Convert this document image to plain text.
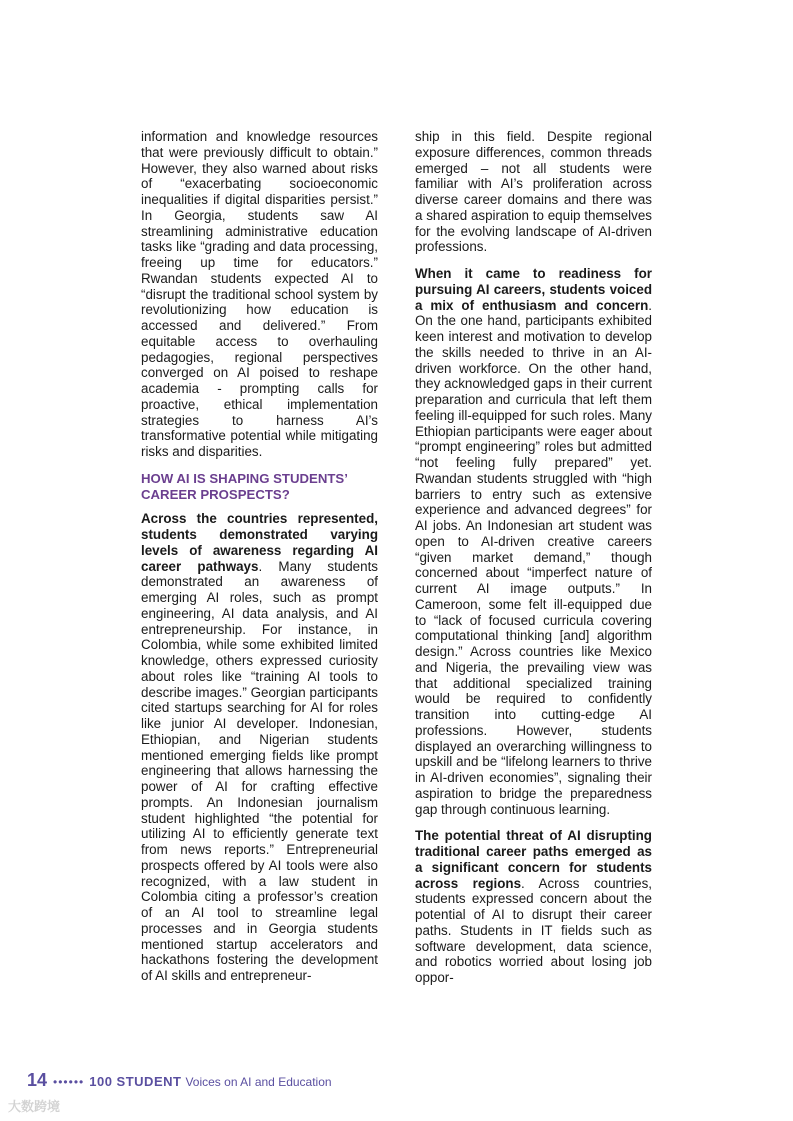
information and knowledge resources that were previously difficult to obtain.” However, they also warned about risks of “exacerbating socioeconomic inequalities if digital disparities persist.” In Georgia, students saw AI streamlining administrative education tasks like “grading and data processing, freeing up time for educators.” Rwandan students expected AI to “disrupt the traditional school system by revolutionizing how education is accessed and delivered.” From equitable access to overhauling pedagogies, regional perspectives converged on AI poised to reshape academia - prompting calls for proactive, ethical implementation strategies to harness AI’s transformative potential while mitigating risks and disparities.

HOW AI IS SHAPING STUDENTS’ CAREER PROSPECTS?

Across the countries represented, students demonstrated varying levels of awareness regarding AI career pathways. Many students demonstrated an awareness of emerging AI roles, such as prompt engineering, AI data analysis, and AI entrepreneurship. For instance, in Colombia, while some exhibited limited knowledge, others expressed curiosity about roles like “training AI tools to describe images.” Georgian participants cited startups searching for AI for roles like junior AI developer. Indonesian, Ethiopian, and Nigerian students mentioned emerging fields like prompt engineering that allows harnessing the power of AI for crafting effective prompts. An Indonesian journalism student highlighted “the potential for utilizing AI to efficiently generate text from news reports.” Entrepreneurial prospects offered by AI tools were also recognized, with a law student in Colombia citing a professor’s creation of an AI tool to streamline legal processes and in Georgia students mentioned startup accelerators and hackathons fostering the development of AI skills and entrepreneur-

ship in this field. Despite regional exposure differences, common threads emerged – not all students were familiar with AI’s proliferation across diverse career domains and there was a shared aspiration to equip themselves for the evolving landscape of AI-driven professions.

When it came to readiness for pursuing AI careers, students voiced a mix of enthusiasm and concern. On the one hand, participants exhibited keen interest and motivation to develop the skills needed to thrive in an AI-driven workforce. On the other hand, they acknowledged gaps in their current preparation and curricula that left them feeling ill-equipped for such roles. Many Ethiopian participants were eager about “prompt engineering” roles but admitted “not feeling fully prepared” yet. Rwandan students struggled with “high barriers to entry such as extensive experience and advanced degrees” for AI jobs. An Indonesian art student was open to AI-driven creative careers “given market demand,” though concerned about “imperfect nature of current AI image outputs.” In Cameroon, some felt ill-equipped due to “lack of focused curricula covering computational thinking [and] algorithm design.” Across countries like Mexico and Nigeria, the prevailing view was that additional specialized training would be required to confidently transition into cutting-edge AI professions. However, students displayed an overarching willingness to upskill and be “lifelong learners to thrive in AI-driven economies”, signaling their aspiration to bridge the preparedness gap through continuous learning.

The potential threat of AI disrupting traditional career paths emerged as a significant concern for students across regions. Across countries, students expressed concern about the potential of AI to disrupt their career paths. Students in IT fields such as software development, data science, and robotics worried about losing job oppor-

14 •••••• 100 STUDENT Voices on AI and Education
大数跨境
